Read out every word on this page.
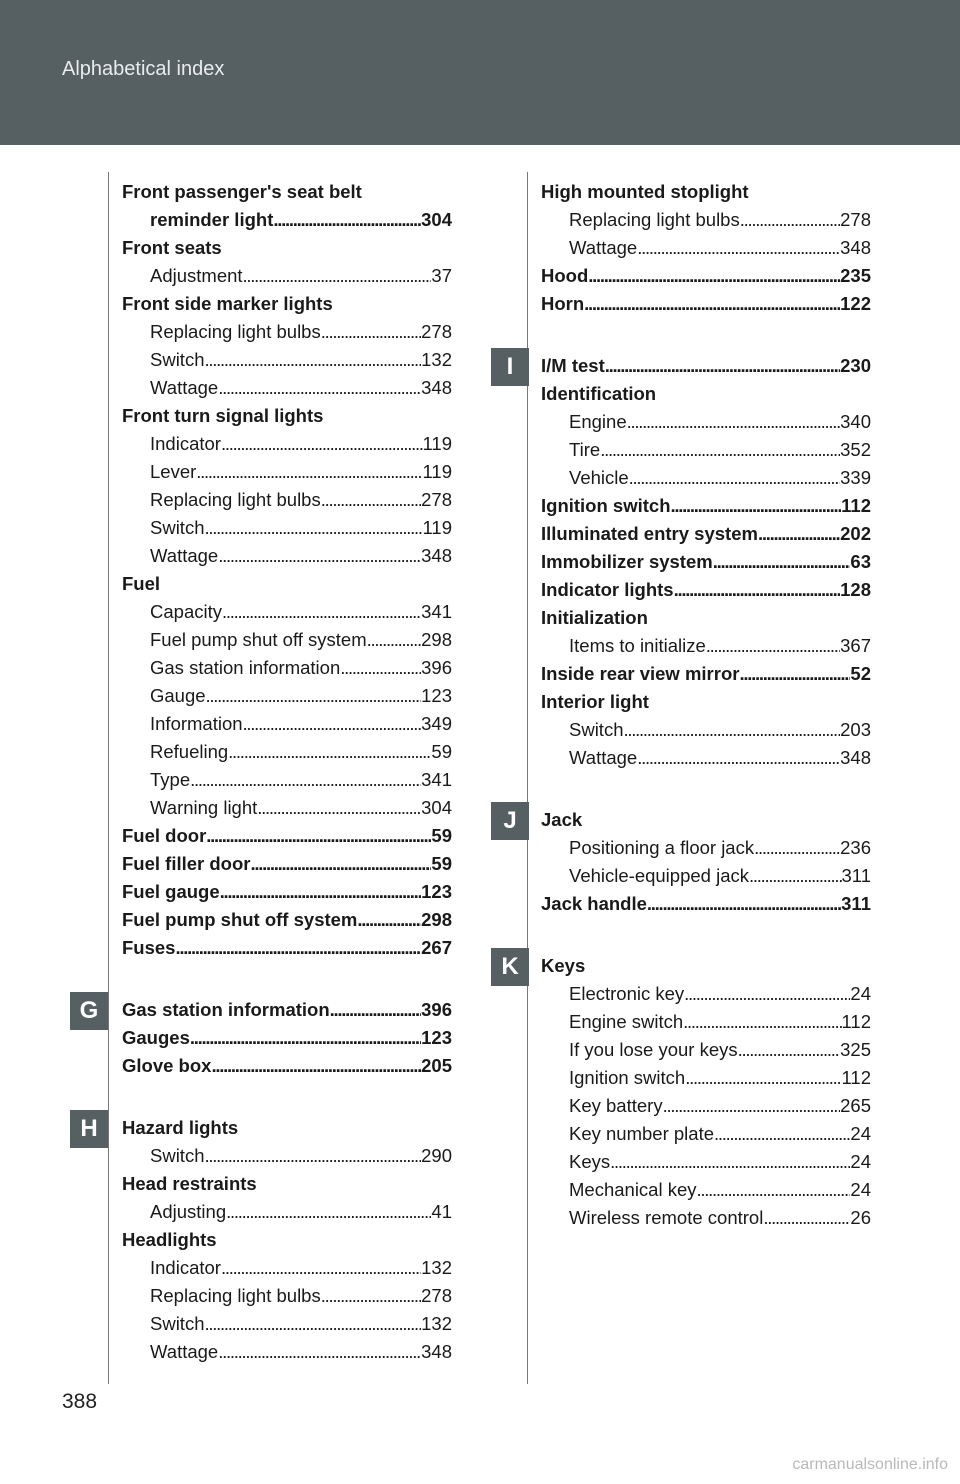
Alphabetical index
Front passenger's seat belt
reminder light . . .	304
Front seats
Adjustment . . .	37
Front side marker lights
Replacing light bulbs . . .	278
Switch . . .	132
Wattage . . .	348
Front turn signal lights
Indicator . . .	119
Lever . . .	119
Replacing light bulbs . . .	278
Switch . . .	119
Wattage . . .	348
Fuel
Capacity . . .	341
Fuel pump shut off system . . .	298
Gas station information . . .	396
Gauge . . .	123
Information . . .	349
Refueling . . .	59
Type . . .	341
Warning light . . .	304
Fuel door . . .	59
Fuel filler door . . .	59
Fuel gauge . . .	123
Fuel pump shut off system . . .	298
Fuses . . .	267
Gas station information . . .	396
Gauges . . .	123
Glove box . . .	205
Hazard lights
Switch . . .	290
Head restraints
Adjusting . . .	41
Headlights
Indicator . . .	132
Replacing light bulbs . . .	278
Switch . . .	132
Wattage . . .	348
High mounted stoplight
Replacing light bulbs . . .	278
Wattage . . .	348
Hood . . .	235
Horn . . .	122
I/M test . . .	230
Identification
Engine . . .	340
Tire . . .	352
Vehicle . . .	339
Ignition switch . . .	112
Illuminated entry system . . .	202
Immobilizer system . . .	63
Indicator lights . . .	128
Initialization
Items to initialize . . .	367
Inside rear view mirror . . .	52
Interior light
Switch . . .	203
Wattage . . .	348
Jack
Positioning a floor jack . . .	236
Vehicle-equipped jack . . .	311
Jack handle . . .	311
Keys
Electronic key . . .	24
Engine switch . . .	112
If you lose your keys . . .	325
Ignition switch . . .	112
Key battery . . .	265
Key number plate . . .	24
Keys . . .	24
Mechanical key . . .	24
Wireless remote control . . .	26
388
carmanualsonline.info
G
H
I
J
K
